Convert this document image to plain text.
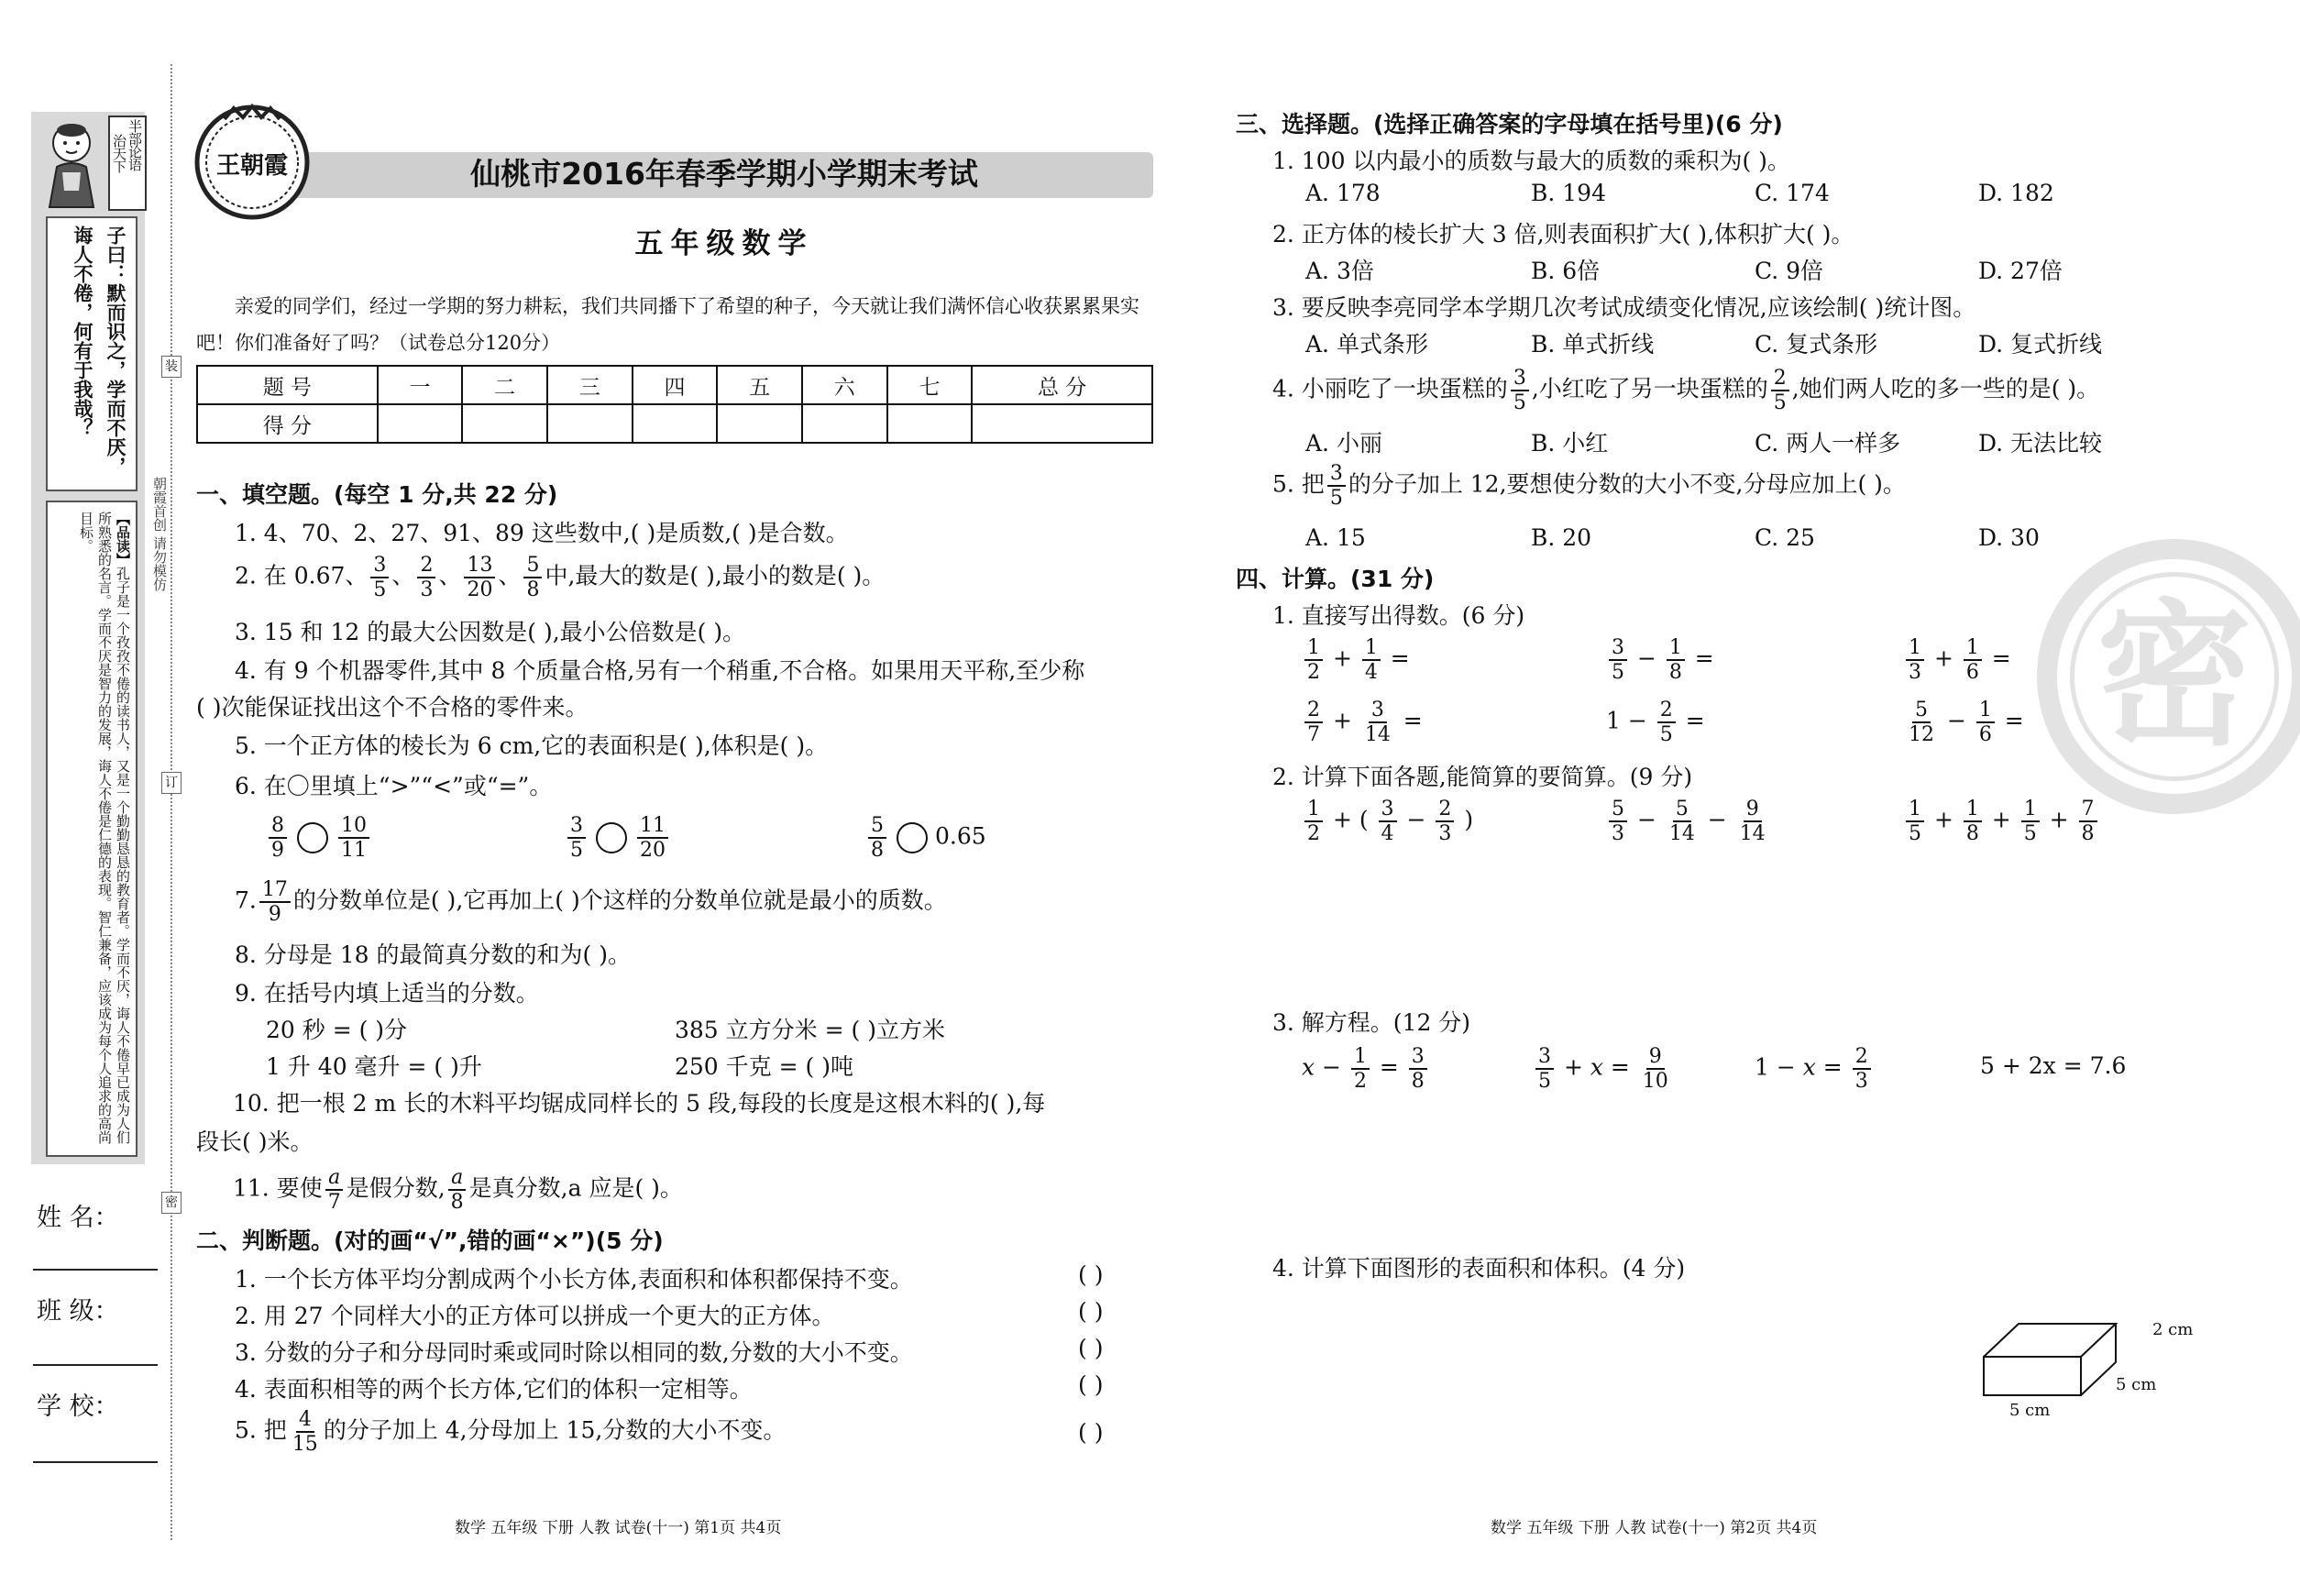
半
部
论
语
治
天
下
子曰：默而识之，学而不厌，诲人不倦，何有于我哉？
【品读】孔子是一个孜孜不倦的读书人，又是一个勤勤恳恳的教育者。学而不厌，诲人不倦早已成为人们所熟悉的名言。学而不厌是智力的发展，诲人不倦是仁德的表现。智仁兼备，应该成为每个人追求的高尚目标。	朝霞首创 请勿模仿
装
订
密
姓 名：
班 级：
学 校：
王朝霞	仙桃市2016年春季学期小学期末考试
五年级数学
亲爱的同学们，经过一学期的努力耕耘，我们共同播下了希望的种子，今天就让我们满怀信心收获累累果实吧！你们准备好了吗？（试卷总分120分）
题 号	一	二	三	四	五	六	七	总 分
得 分								
一、填空题。(每空 1 分,共 22 分)
1. 4、70、2、27、91、89 这些数中,( )是质数,( )是合数。
2. 在 0.67、 $\frac{3}{5}$ 、 $\frac{2}{3}$ 、 $\frac{13}{20}$ 、 $\frac{5}{8}$ 中,最大的数是( ),最小的数是( )。
3. 15 和 12 的最大公因数是( ),最小公倍数是( )。
4. 有 9 个机器零件,其中 8 个质量合格,另有一个稍重,不合格。如果用天平称,至少称
( )次能保证找出这个不合格的零件来。
5. 一个正方体的棱长为 6 cm,它的表面积是( ),体积是( )。
6. 在〇里填上“>”“<”或“=”。
$\frac{8}{9}$	$\frac{10}{11}$	$\frac{3}{5}$	$\frac{11}{20}$	$\frac{5}{8} 0.65$
7. $\frac{17}{9}$ 的分数单位是( ),它再加上( )个这样的分数单位就是最小的质数。
8. 分母是 18 的最简真分数的和为( )。
9. 在括号内填上适当的分数。
20 秒 = ( )分	385 立方分米 = ( )立方米
1 升 40 毫升 = ( )升	250 千克 = ( )吨
10. 把一根 2 m 长的木料平均锯成同样长的 5 段,每段的长度是这根木料的( ),每
段长( )米。
11. 要使 $\frac{a}{7}$ 是假分数, $\frac{a}{8}$ 是真分数,a 应是( )。
二、判断题。(对的画“√”,错的画“×”)(5 分)
1. 一个长方体平均分割成两个小长方体,表面积和体积都保持不变。	( )
2. 用 27 个同样大小的正方体可以拼成一个更大的正方体。	( )
3. 分数的分子和分母同时乘或同时除以相同的数,分数的大小不变。	( )
4. 表面积相等的两个长方体,它们的体积一定相等。	( )
5. 把 $\frac{4}{15}$ 的分子加上 4,分母加上 15,分数的大小不变。	( )
数学 五年级 下册 人教 试卷(十一) 第1页 共4页
三、选择题。(选择正确答案的字母填在括号里)(6 分)
1. 100 以内最小的质数与最大的质数的乘积为( )。
A. 178	B. 194	C. 174	D. 182
2. 正方体的棱长扩大 3 倍,则表面积扩大( ),体积扩大( )。
A. 3倍	B. 6倍	C. 9倍	D. 27倍
3. 要反映李亮同学本学期几次考试成绩变化情况,应该绘制( )统计图。
A. 单式条形	B. 单式折线	C. 复式条形	D. 复式折线
4. 小丽吃了一块蛋糕的 $\frac{3}{5}$ ,小红吃了另一块蛋糕的 $\frac{2}{5}$ ,她们两人吃的多一些的是( )。
A. 小丽	B. 小红	C. 两人一样多	D. 无法比较
5. 把 $\frac{3}{5}$ 的分子加上 12,要想使分数的大小不变,分母应加上( )。
A. 15	B. 20	C. 25	D. 30
四、计算。(31 分)
1. 直接写出得数。(6 分)
$\frac{1}{2} + \frac{1}{4}$ =	$\frac{3}{5} - \frac{1}{8}$ =	$\frac{1}{3} + \frac{1}{6}$ =
$\frac{2}{7} + \frac{3}{14}$ =	$1 - \frac{2}{5}$ =	$\frac{5}{12} - \frac{1}{6}$ =
2. 计算下面各题,能简算的要简算。(9 分)
$\frac{1}{2}$ + ( $\frac{3}{4} - \frac{2}{3}$ )	$\frac{5}{3} - \frac{5}{14} - \frac{9}{14}$	$\frac{1}{5} + \frac{1}{8} + \frac{1}{5} + \frac{7}{8}$
3. 解方程。(12 分)
$x - \frac{1}{2} = \frac{3}{8}$	$\frac{3}{5} + x = \frac{9}{10}$	$1 - x = \frac{2}{3}$	5 + 2x = 7.6
4. 计算下面图形的表面积和体积。(4 分)
2 cm
5 cm
5 cm
密
数学 五年级 下册 人教 试卷(十一) 第2页 共4页
